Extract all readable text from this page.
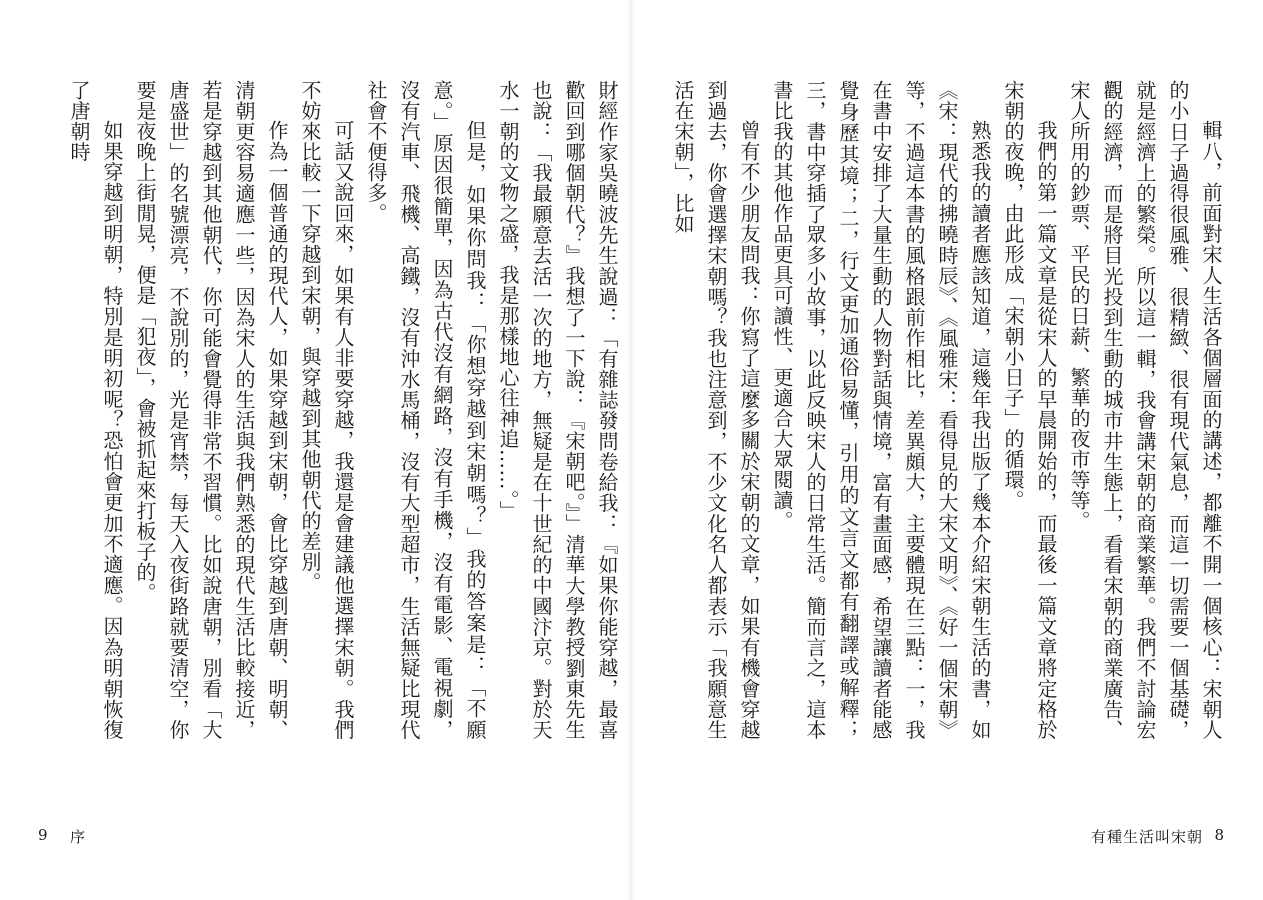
財經作家吳曉波先生說過：「有雜誌發問卷給我：『如果你能穿越，最喜歡回到哪個朝代？』我想了一下說：『宋朝吧。』」清華大學教授劉東先生也說：「我最願意去活一次的地方，無疑是在十世紀的中國汴京。對於天水一朝的文物之盛，我是那樣地心往神追……。」

但是，如果你問我：「你想穿越到宋朝嗎？」我的答案是：「不願意。」原因很簡單，因為古代沒有網路，沒有手機，沒有電影、電視劇，沒有汽車、飛機、高鐵，沒有沖水馬桶，沒有大型超市，生活無疑比現代社會不便得多。

可話又說回來，如果有人非要穿越，我還是會建議他選擇宋朝。我們不妨來比較一下穿越到宋朝，與穿越到其他朝代的差別。

作為一個普通的現代人，如果穿越到宋朝，會比穿越到唐朝、明朝、清朝更容易適應一些，因為宋人的生活與我們熟悉的現代生活比較接近，若是穿越到其他朝代，你可能會覺得非常不習慣。比如說唐朝，別看「大唐盛世」的名號漂亮，不說別的，光是宵禁，每天入夜街路就要清空，你要是夜晚上街閒晃，便是「犯夜」，會被抓起來打板子的。

如果穿越到明朝，特別是明初呢？恐怕會更加不適應。因為明朝恢復了唐朝時

9 序

輯八，前面對宋人生活各個層面的講述，都離不開一個核心：宋朝人的小日子過得很風雅、很精緻、很有現代氣息，而這一切需要一個基礎，就是經濟上的繁榮。所以這一輯，我會講宋朝的商業繁華。我們不討論宏觀的經濟，而是將目光投到生動的城市井生態上，看看宋朝的商業廣告、宋人所用的鈔票、平民的日薪、繁華的夜市等等。

我們的第一篇文章是從宋人的早晨開始的，而最後一篇文章將定格於宋朝的夜晚，由此形成「宋朝小日子」的循環。

熟悉我的讀者應該知道，這幾年我出版了幾本介紹宋朝生活的書，如《宋：現代的拂曉時辰》、《風雅宋：看得見的大宋文明》、《好一個宋朝》等，不過這本書的風格跟前作相比，差異頗大，主要體現在三點：一，我在書中安排了大量生動的人物對話與情境，富有畫面感，希望讓讀者能感覺身歷其境；二，行文更加通俗易懂，引用的文言文都有翻譯或解釋；三，書中穿插了眾多小故事，以此反映宋人的日常生活。簡而言之，這本書比我的其他作品更具可讀性、更適合大眾閱讀。

曾有不少朋友問我：你寫了這麼多關於宋朝的文章，如果有機會穿越到過去，你會選擇宋朝嗎？我也注意到，不少文化名人都表示「我願意生活在宋朝」，比如

有種生活叫宋朝 8
